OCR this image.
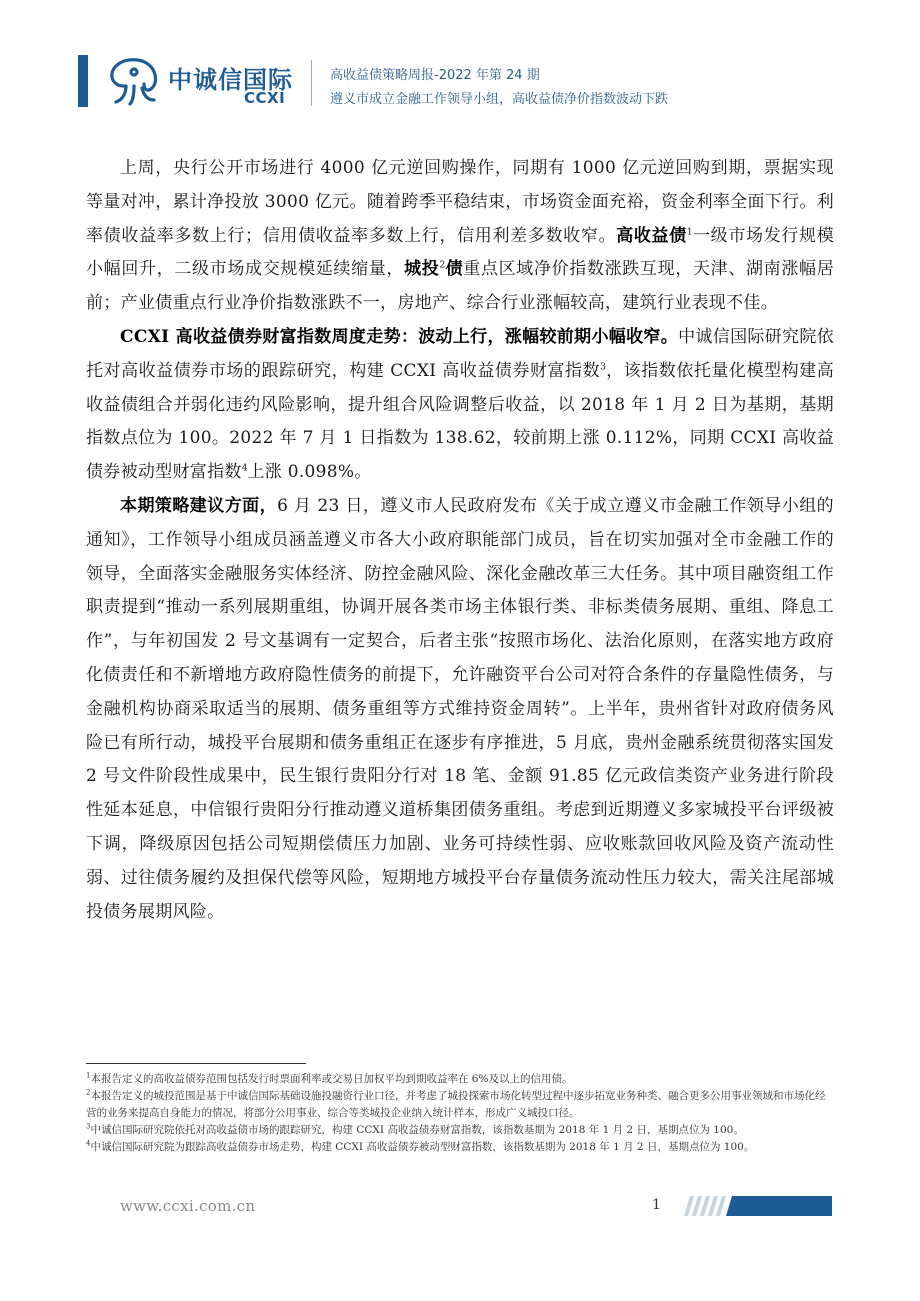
中诚信国际
CCXI
高收益债策略周报-2022 年第 24 期
遵义市成立金融工作领导小组，高收益债净价指数波动下跌

上周，央行公开市场进行 4000 亿元逆回购操作，同期有 1000 亿元逆回购到期，票据实现等量对冲，累计净投放 3000 亿元。随着跨季平稳结束，市场资金面充裕，资金利率全面下行。利率债收益率多数上行；信用债收益率多数上行，信用利差多数收窄。高收益债$^1$一级市场发行规模小幅回升，二级市场成交规模延续缩量，城投$^2$债重点区域净价指数涨跌互现，天津、湖南涨幅居前；产业债重点行业净价指数涨跌不一，房地产、综合行业涨幅较高，建筑行业表现不佳。

CCXI 高收益债券财富指数周度走势：波动上行，涨幅较前期小幅收窄。中诚信国际研究院依托对高收益债券市场的跟踪研究，构建 CCXI 高收益债券财富指数$^3$，该指数依托量化模型构建高收益债组合并弱化违约风险影响，提升组合风险调整后收益，以 2018 年 1 月 2 日为基期，基期指数点位为 100。2022 年 7 月 1 日指数为 138.62，较前期上涨 0.112%，同期 CCXI 高收益债券被动型财富指数$^4$上涨 0.098%。

本期策略建议方面，6 月 23 日，遵义市人民政府发布《关于成立遵义市金融工作领导小组的通知》，工作领导小组成员涵盖遵义市各大小政府职能部门成员，旨在切实加强对全市金融工作的领导，全面落实金融服务实体经济、防控金融风险、深化金融改革三大任务。其中项目融资组工作职责提到“推动一系列展期重组，协调开展各类市场主体银行类、非标类债务展期、重组、降息工作”，与年初国发 2 号文基调有一定契合，后者主张“按照市场化、法治化原则，在落实地方政府化债责任和不新增地方政府隐性债务的前提下，允许融资平台公司对符合条件的存量隐性债务，与金融机构协商采取适当的展期、债务重组等方式维持资金周转”。上半年，贵州省针对政府债务风险已有所行动，城投平台展期和债务重组正在逐步有序推进，5 月底，贵州金融系统贯彻落实国发 2 号文件阶段性成果中，民生银行贵阳分行对 18 笔、金额 91.85 亿元政信类资产业务进行阶段性延本延息，中信银行贵阳分行推动遵义道桥集团债务重组。考虑到近期遵义多家城投平台评级被下调，降级原因包括公司短期偿债压力加剧、业务可持续性弱、应收账款回收风险及资产流动性弱、过往债务履约及担保代偿等风险，短期地方城投平台存量债务流动性压力较大，需关注尾部城投债务展期风险。

$^1$本报告定义的高收益债券范围包括发行时票面利率或交易日加权平均到期收益率在 6%及以上的信用债。

$^2$本报告定义的城投范围是基于中诚信国际基础设施投融资行业口径，并考虑了城投探索市场化转型过程中逐步拓宽业务种类、融合更多公用事业领域和市场化经营的业务来提高自身能力的情况，将部分公用事业、综合等类城投企业纳入统计样本，形成广义城投口径。

$^3$中诚信国际研究院依托对高收益债市场的跟踪研究，构建 CCXI 高收益债券财富指数，该指数基期为 2018 年 1 月 2 日，基期点位为 100。

$^4$中诚信国际研究院为跟踪高收益债券市场走势，构建 CCXI 高收益债券被动型财富指数，该指数基期为 2018 年 1 月 2 日，基期点位为 100。

www.ccxi.com.cn	1
